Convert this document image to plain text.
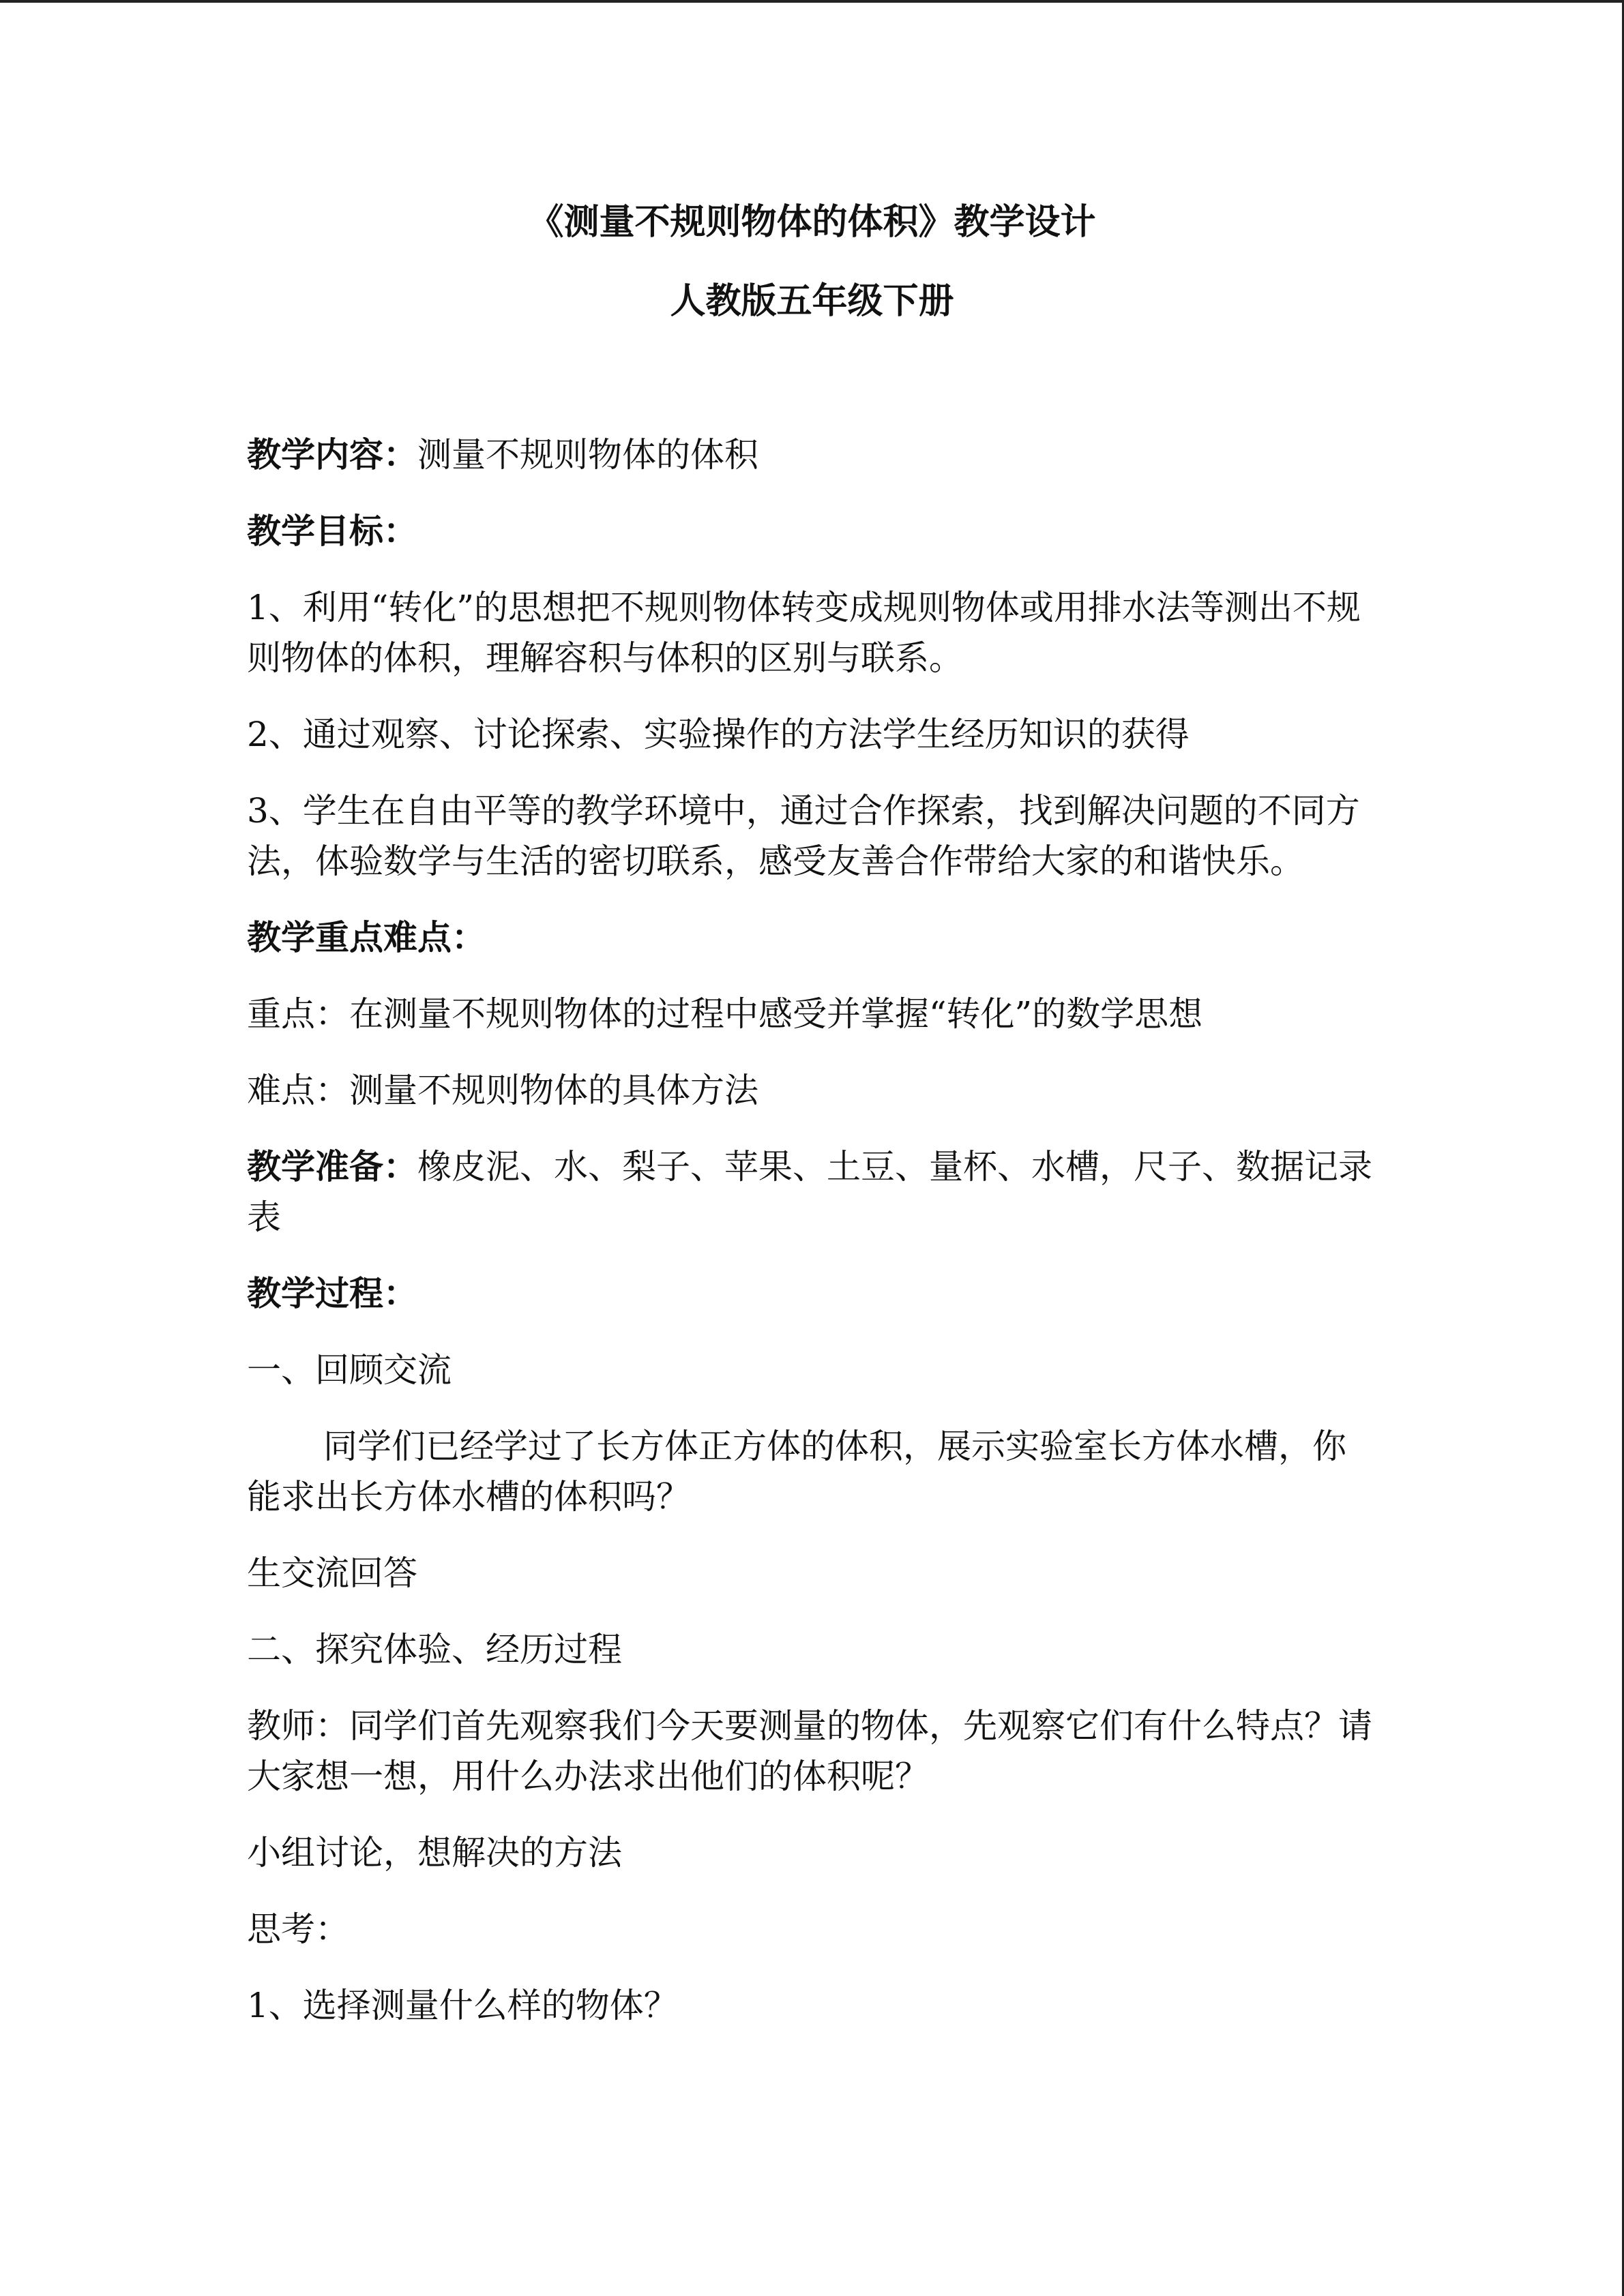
《测量不规则物体的体积》教学设计
人教版五年级下册

教学内容：测量不规则物体的体积

教学目标：

1、利用“转化”的思想把不规则物体转变成规则物体或用排水法等测出不规则物体的体积，理解容积与体积的区别与联系。

2、通过观察、讨论探索、实验操作的方法学生经历知识的获得

3、学生在自由平等的教学环境中，通过合作探索，找到解决问题的不同方法，体验数学与生活的密切联系，感受友善合作带给大家的和谐快乐。

教学重点难点：

重点：在测量不规则物体的过程中感受并掌握“转化”的数学思想

难点：测量不规则物体的具体方法

教学准备：橡皮泥、水、梨子、苹果、土豆、量杯、水槽，尺子、数据记录表

教学过程：

一、回顾交流

同学们已经学过了长方体正方体的体积，展示实验室长方体水槽，你能求出长方体水槽的体积吗？

生交流回答

二、探究体验、经历过程

教师：同学们首先观察我们今天要测量的物体，先观察它们有什么特点？请大家想一想，用什么办法求出他们的体积呢？

小组讨论，想解决的方法

思考：

1、选择测量什么样的物体？
